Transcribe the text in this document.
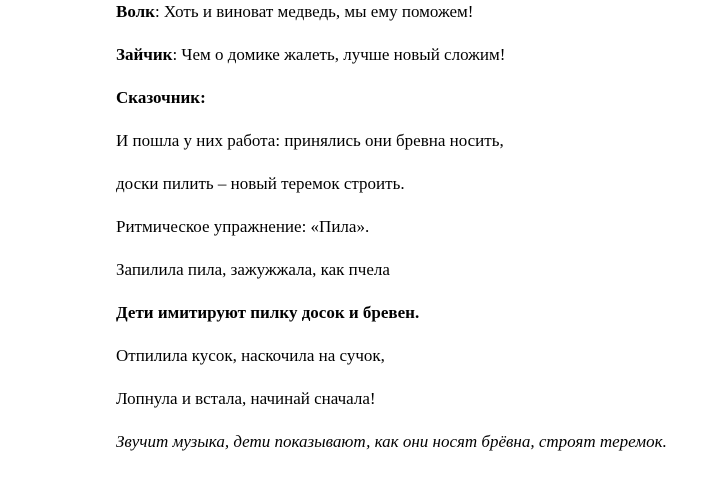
Волк: Хоть и виноват медведь, мы ему поможем!
Зайчик: Чем о домике жалеть, лучше новый сложим!
Сказочник:
И пошла у них работа: принялись они бревна носить,
доски пилить – новый теремок строить.
Ритмическое упражнение: «Пила».
Запилила пила, зажужжала, как пчела
Дети имитируют пилку досок и бревен.
Отпилила кусок, наскочила на сучок,
Лопнула и встала, начинай сначала!
Звучит музыка, дети показывают, как они носят брёвна, строят теремок.
